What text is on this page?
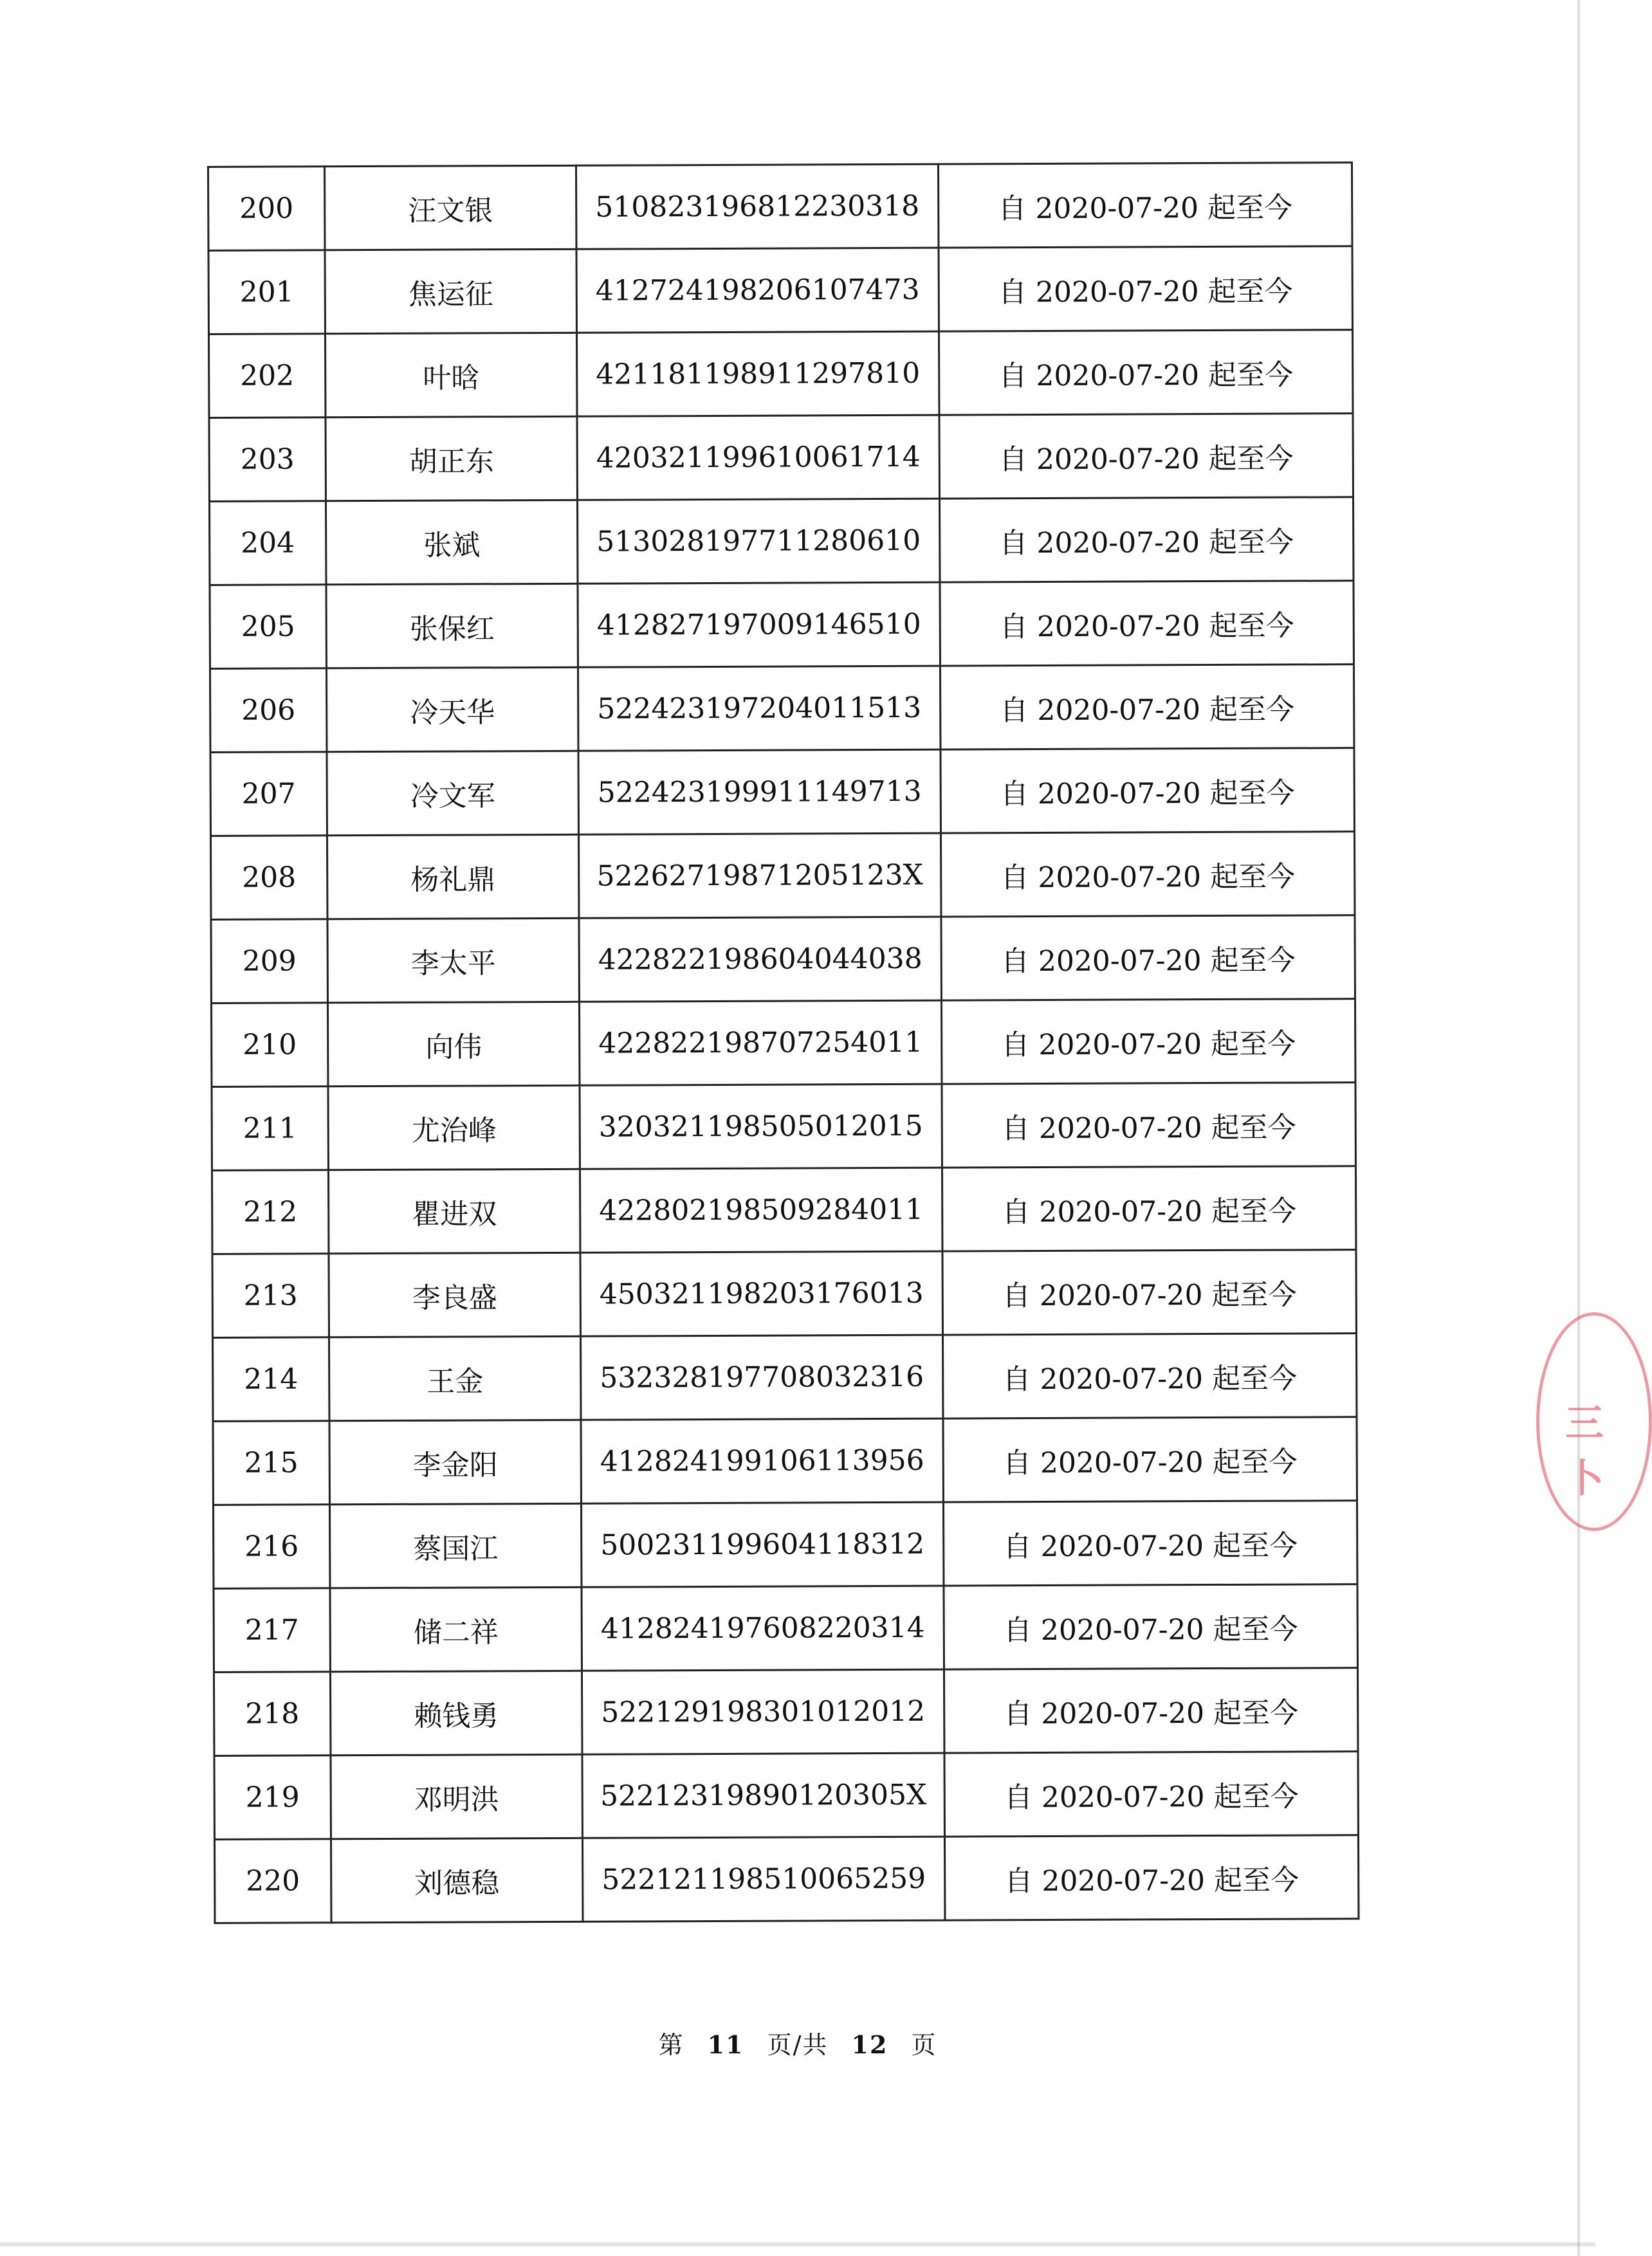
200	汪文银	510823196812230318	自 2020-07-20 起至今
201	焦运征	412724198206107473	自 2020-07-20 起至今
202	叶晗	421181198911297810	自 2020-07-20 起至今
203	胡正东	420321199610061714	自 2020-07-20 起至今
204	张斌	513028197711280610	自 2020-07-20 起至今
205	张保红	412827197009146510	自 2020-07-20 起至今
206	冷天华	522423197204011513	自 2020-07-20 起至今
207	冷文军	522423199911149713	自 2020-07-20 起至今
208	杨礼鼎	52262719871205123X	自 2020-07-20 起至今
209	李太平	422822198604044038	自 2020-07-20 起至今
210	向伟	422822198707254011	自 2020-07-20 起至今
211	尤治峰	320321198505012015	自 2020-07-20 起至今
212	瞿进双	422802198509284011	自 2020-07-20 起至今
213	李良盛	450321198203176013	自 2020-07-20 起至今
214	王金	532328197708032316	自 2020-07-20 起至今
215	李金阳	412824199106113956	自 2020-07-20 起至今
216	蔡国江	500231199604118312	自 2020-07-20 起至今
217	储二祥	412824197608220314	自 2020-07-20 起至今
218	赖钱勇	522129198301012012	自 2020-07-20 起至今
219	邓明洪	52212319890120305X	自 2020-07-20 起至今
220	刘德稳	522121198510065259	自 2020-07-20 起至今
第 11 页/共 12 页
三 卜
